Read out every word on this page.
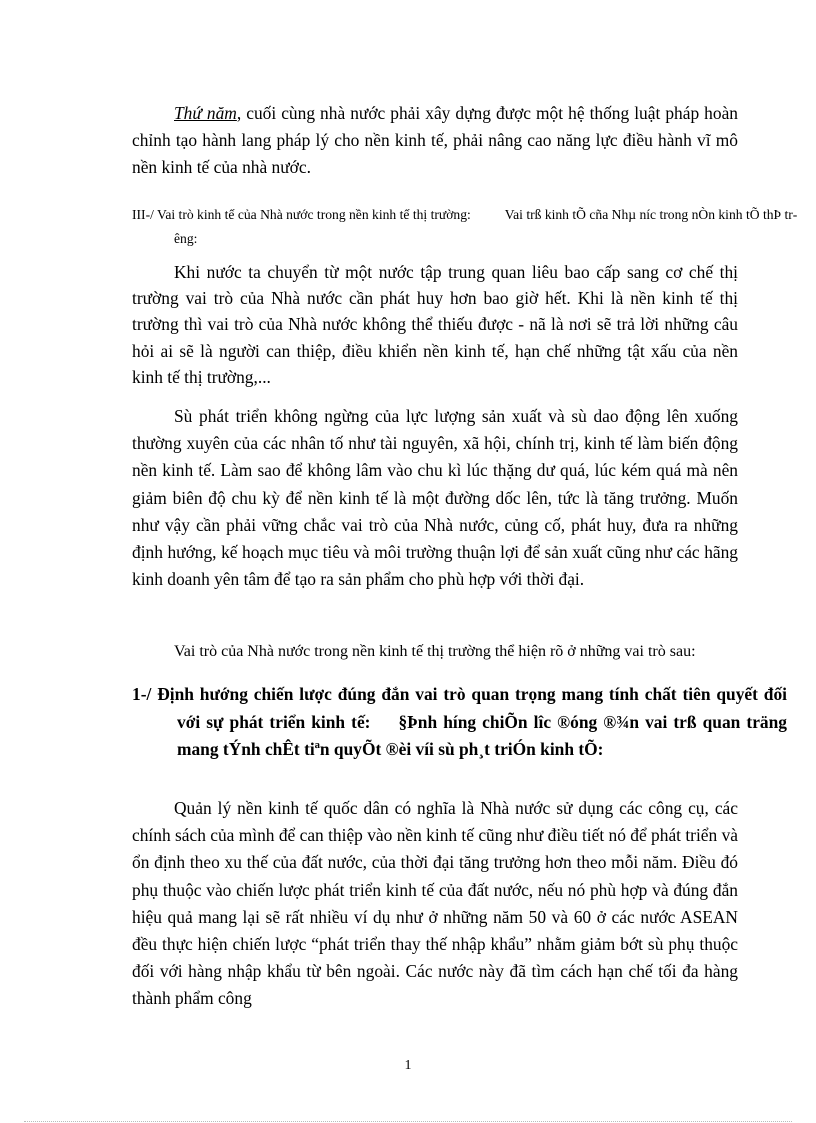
Thứ năm, cuối cùng nhà nước phải xây dựng được một hệ thống luật pháp hoàn chỉnh tạo hành lang pháp lý cho nền kinh tế, phải nâng cao năng lực điều hành vĩ mô nền kinh tế của nhà nước.

III-/ Vai trò kinh tế của Nhà nước trong nền kinh tế thị trường:	Vai trß kinh tÕ cña Nhµ níc trong nÒn kinh tÕ thÞ trêng:

Khi nước ta chuyển từ một nước tập trung quan liêu bao cấp sang cơ chế thị trường vai trò của Nhà nước cần phát huy hơn bao giờ hết. Khi là nền kinh tế thị trường thì vai trò của Nhà nước không thể thiếu được - nã là nơi sẽ trả lời những câu hỏi ai sẽ là người can thiệp, điều khiển nền kinh tế, hạn chế những tật xấu của nền kinh tế thị trường,...

Sù phát triển không ngừng của lực lượng sản xuất và sù dao động lên xuống thường xuyên của các nhân tố như tài nguyên, xã hội, chính trị, kinh tế làm biến động nền kinh tế. Làm sao để không lâm vào chu kì lúc thặng dư quá, lúc kém quá mà nên giảm biên độ chu kỳ để nền kinh tế là một đường dốc lên, tức là tăng trưởng. Muốn như vậy cần phải vững chắc vai trò của Nhà nước, củng cố, phát huy, đưa ra những định hướng, kế hoạch mục tiêu và môi trường thuận lợi để sản xuất cũng như các hãng kinh doanh yên tâm để tạo ra sản phẩm cho phù hợp với thời đại.

Vai trò của Nhà nước trong nền kinh tế thị trường thể hiện rõ ở những vai trò sau:

1-/ Định hướng chiến lược đúng đắn vai trò quan trọng mang tính chất tiên quyết đối với sự phát triển kinh tế: §Þnh híng chiÕn lîc ®óng ®¾n vai trß quan träng mang tÝnh chÊt tiªn quyÕt ®èi víi sù ph¸t triÓn kinh tÕ:

Quản lý nền kinh tế quốc dân có nghĩa là Nhà nước sử dụng các công cụ, các chính sách của mình để can thiệp vào nền kinh tế cũng như điều tiết nó để phát triển và ổn định theo xu thế của đất nước, của thời đại tăng trưởng hơn theo mỗi năm. Điều đó phụ thuộc vào chiến lược phát triển kinh tế của đất nước, nếu nó phù hợp và đúng đắn hiệu quả mang lại sẽ rất nhiều ví dụ như ở những năm 50 và 60 ở các nước ASEAN đều thực hiện chiến lược “phát triển thay thế nhập khẩu” nhằm giảm bớt sù phụ thuộc đối với hàng nhập khẩu từ bên ngoài. Các nước này đã tìm cách hạn chế tối đa hàng thành phẩm công

1
